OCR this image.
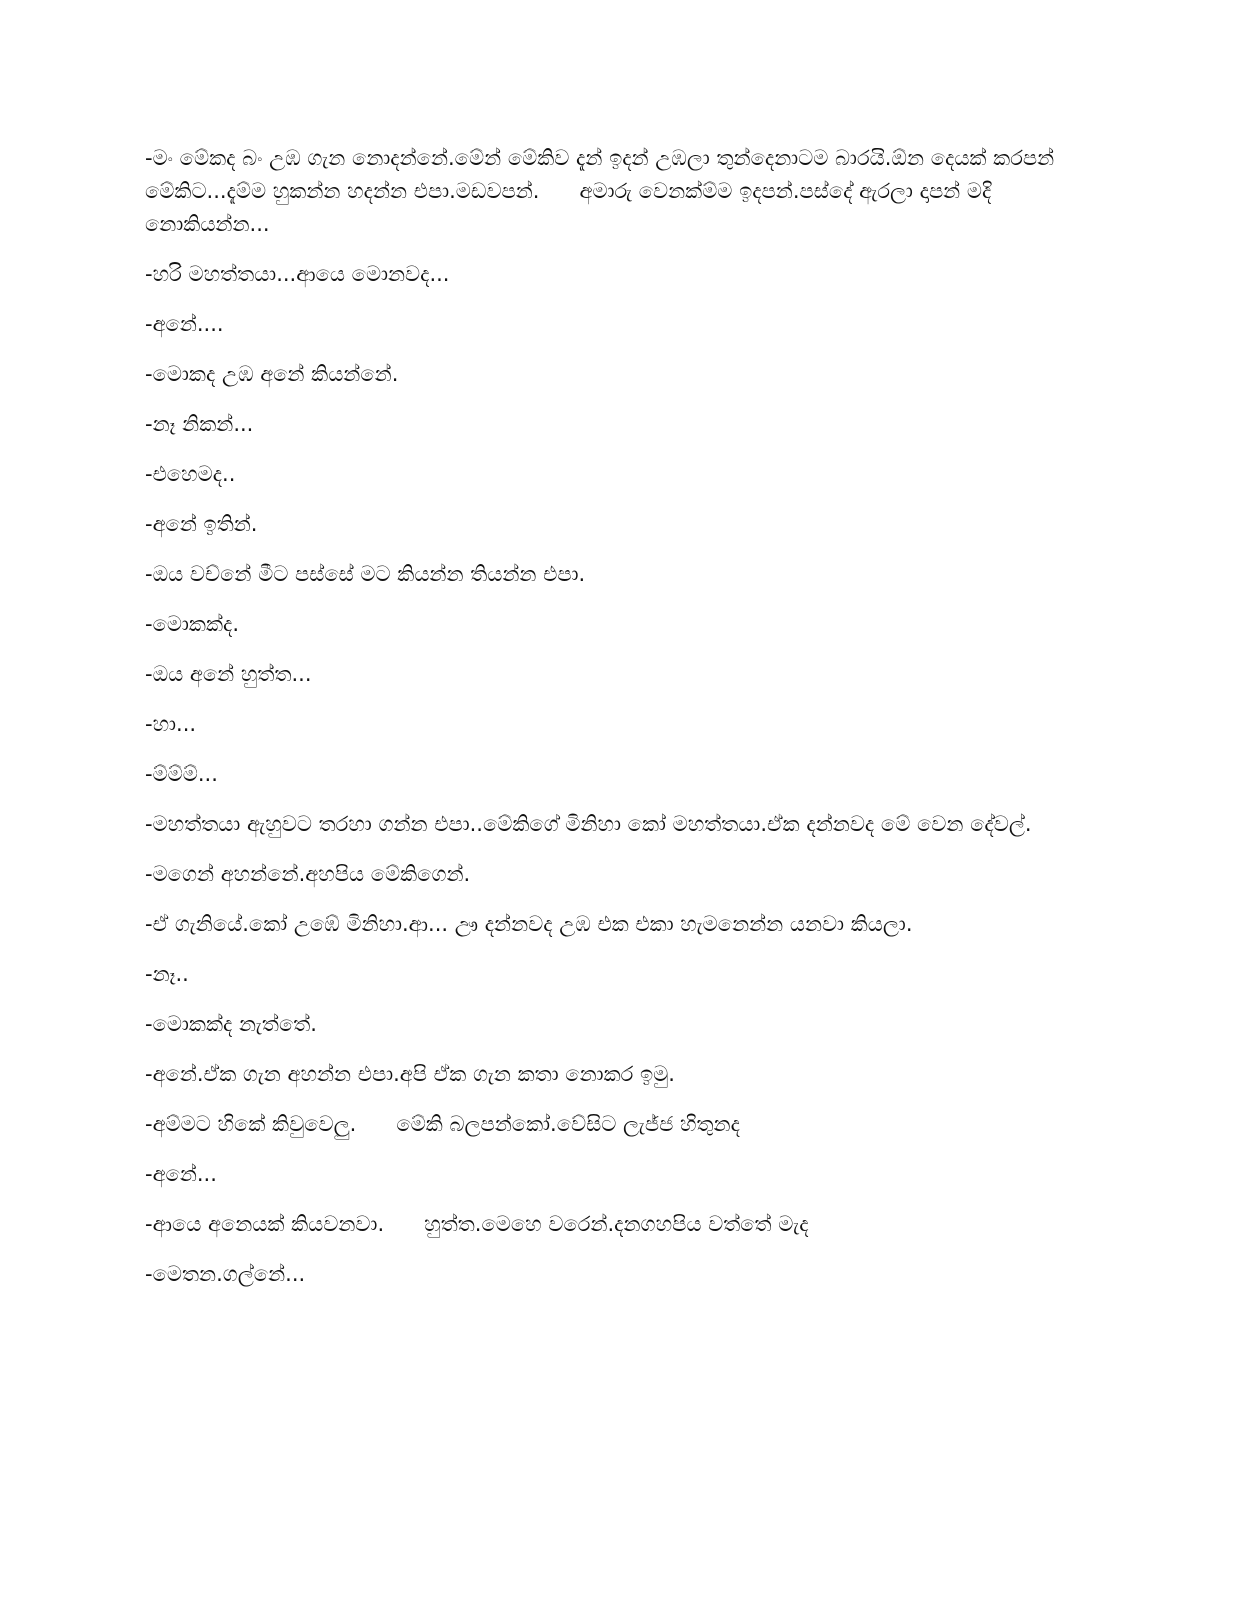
-මං මේකද බං උඹ ගැන නොදන්නේ.මේන් මේකිව දැන් ඉදන් උඹලා තුන්දෙනාටම බාරයි.ඕන දෙයක් කරපන් මේකිට...දැම්ම හුකන්න හදන්න එපා.මඩවපන්.      අමාරු වෙනක්ම්ම ඉදපන්.පස්දේ ඇරලා දාපන් මදි නොකියන්න...

-හරි මහත්තයා...ආයෙ මොනවද...

-අනේ....

-මොකද උඹ අනේ කියන්නේ.

-නෑ නිකන්...

-එහෙමද..

-අනේ ඉතින්.

-ඔය වච්නේ මීට පස්සේ මට කියන්න තියන්න එපා.

-මොකක්ද.

-ඔය අනේ හුත්ත...

-හා...

-ම්ම්ම්...

-මහත්තයා ඇහුවට තරහා ගන්න එපා..මේකිගේ මිනිහා කෝ මහත්තයා.ඒක දන්නවද මේ වෙන දේවල්.

-මගෙන් අහන්නේ.අහපිය මේකිගෙන්.

-ඒ ගැනියේ.කෝ උඹේ මිනිහා.ආ... ඌ දන්නවද උඹ එක එකා හැමනෙන්න යනවා කියලා.

-නෑ..

-මොකක්ද නැත්තේ.

-අනේ.ඒක ගැන අහන්න එපා.අපි ඒක ගැන කතා නොකර ඉමු.

-අම්මට හිකේ කිවුවෙලු.      මේකි බලපන්කෝ.වේසිට ලැජ්ජ හිතුනද

-අනේ...

-ආයෙ අනෙයක් කියවනවා.      හුත්ත.මෙහෙ වරෙන්.දනගහපිය වත්තේ මැද

-මෙතන.ගල්නේ...
